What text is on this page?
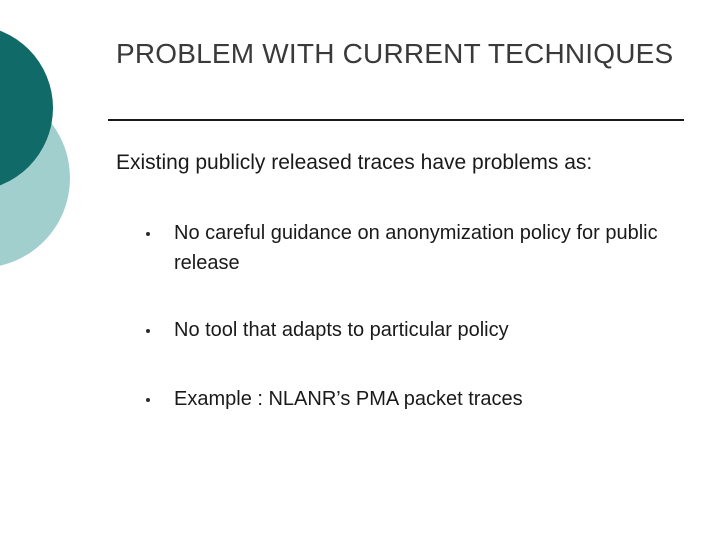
PROBLEM WITH CURRENT TECHNIQUES

Existing publicly released traces have problems as:

No careful guidance on anonymization policy for public release
No tool that adapts to particular policy
Example : NLANR’s PMA packet traces
